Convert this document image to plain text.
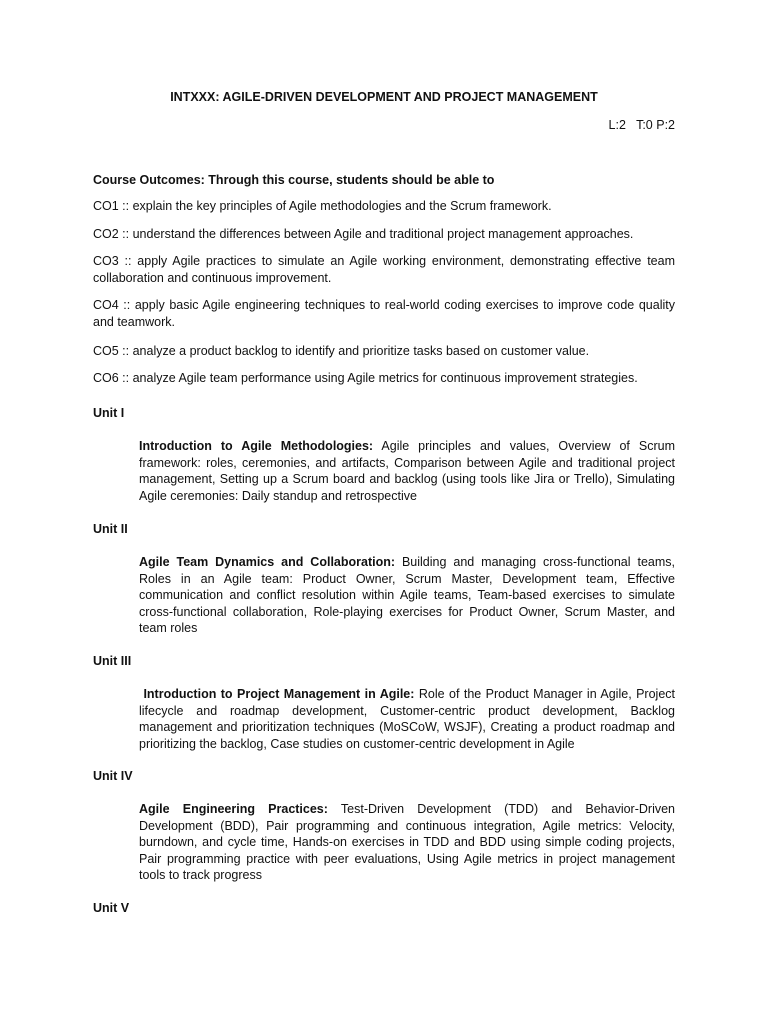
INTXXX: AGILE-DRIVEN DEVELOPMENT AND PROJECT MANAGEMENT
L:2   T:0 P:2
Course Outcomes: Through this course, students should be able to

CO1 :: explain the key principles of Agile methodologies and the Scrum framework.

CO2 :: understand the differences between Agile and traditional project management approaches.

CO3 :: apply Agile practices to simulate an Agile working environment, demonstrating effective team collaboration and continuous improvement.

CO4 :: apply basic Agile engineering techniques to real-world coding exercises to improve code quality and teamwork.

CO5 :: analyze a product backlog to identify and prioritize tasks based on customer value.

CO6 :: analyze Agile team performance using Agile metrics for continuous improvement strategies.

Unit I
Introduction to Agile Methodologies: Agile principles and values, Overview of Scrum framework: roles, ceremonies, and artifacts, Comparison between Agile and traditional project management, Setting up a Scrum board and backlog (using tools like Jira or Trello), Simulating Agile ceremonies: Daily standup and retrospective
Unit II
Agile Team Dynamics and Collaboration: Building and managing cross-functional teams, Roles in an Agile team: Product Owner, Scrum Master, Development team, Effective communication and conflict resolution within Agile teams, Team-based exercises to simulate cross-functional collaboration, Role-playing exercises for Product Owner, Scrum Master, and team roles
Unit III
Introduction to Project Management in Agile: Role of the Product Manager in Agile, Project lifecycle and roadmap development, Customer-centric product development, Backlog management and prioritization techniques (MoSCoW, WSJF), Creating a product roadmap and prioritizing the backlog, Case studies on customer-centric development in Agile
Unit IV
Agile Engineering Practices: Test-Driven Development (TDD) and Behavior-Driven Development (BDD), Pair programming and continuous integration, Agile metrics: Velocity, burndown, and cycle time, Hands-on exercises in TDD and BDD using simple coding projects, Pair programming practice with peer evaluations, Using Agile metrics in project management tools to track progress
Unit V
